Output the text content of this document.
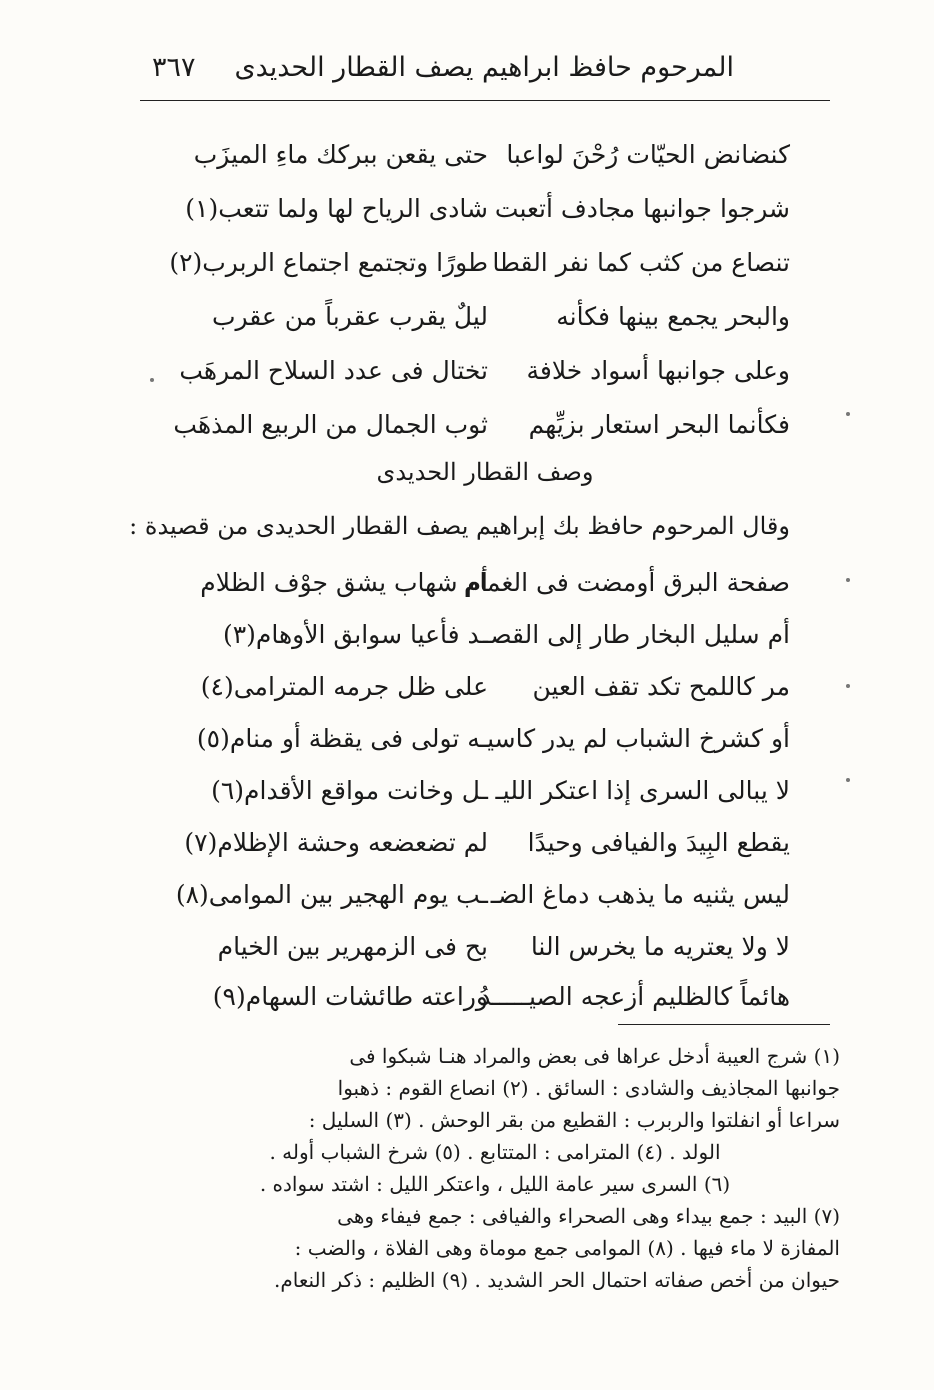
المرحوم حافظ ابراهيم يصف القطار الحديدى
٣٦٧
كنضانض الحيّات رُحْنَ لواعبا
حتى يقعن ببركك ماءِ الميزَب
شرجوا جوانبها مجادف أتعبت
شادى الرياح لها ولما تتعب(١)
تنصاع من كثب كما نفر القطا
طورًا وتجتمع اجتماع الربرب(٢)
والبحر يجمع بينها فكأنه
ليلٌ يقرب عقرباً من عقرب
وعلى جوانبها أسواد خلافة
تختال فى عدد السلاح المرهَب
فكأنما البحر استعار بزيِّهم
ثوب الجمال من الربيع المذهَب
وصف القطار الحديدى
وقال المرحوم حافظ بك إبراهيم يصف القطار الحديدى من قصيدة :
صفحة البرق أومضت فى الغمام
أم شهاب يشق جوْف الظلام
أم سليل البخار طار إلى القصـ
ـد فأعيا سوابق الأوهام(٣)
مر كاللمح تكد تقف العين
على ظل جرمه المترامى(٤)
أو كشرخ الشباب لم يدر كاسيـ
ـه تولى فى يقظة أو منام(٥)
لا يبالى السرى إذا اعتكر الليـ
ـل وخانت مواقع الأقدام(٦)
يقطع البِيدَ والفيافى وحيدًا
لم تضعضعه وحشة الإظلام(٧)
ليس يثنيه ما يذهب دماغ الضـ
ـب يوم الهجير بين الموامى(٨)
لا ولا يعتريه ما يخرس النا
بح فى الزمهرير بين الخيام
هائماً كالظليم أزعجه الصيـــــدُ
وراعته طائشات السهام(٩)
(١) شرج العيبة أدخل عراها فى بعض والمراد هنـا شبكوا فى
جوانبها المجاذيف والشادى : السائق . (٢) انصاع القوم : ذهبوا
سراعا أو انفلتوا والربرب : القطيع من بقر الوحش . (٣) السليل :
الولد . (٤) المترامى : المتتابع . (٥) شرخ الشباب أوله .
(٦) السرى سير عامة الليل ، واعتكر الليل : اشتد سواده .
(٧) البيد : جمع بيداء وهى الصحراء والفيافى : جمع فيفاء وهى
المفازة لا ماء فيها . (٨) الموامى جمع موماة وهى الفلاة ، والضب :
حيوان من أخص صفاته احتمال الحر الشديد . (٩) الظليم : ذكر النعام.
